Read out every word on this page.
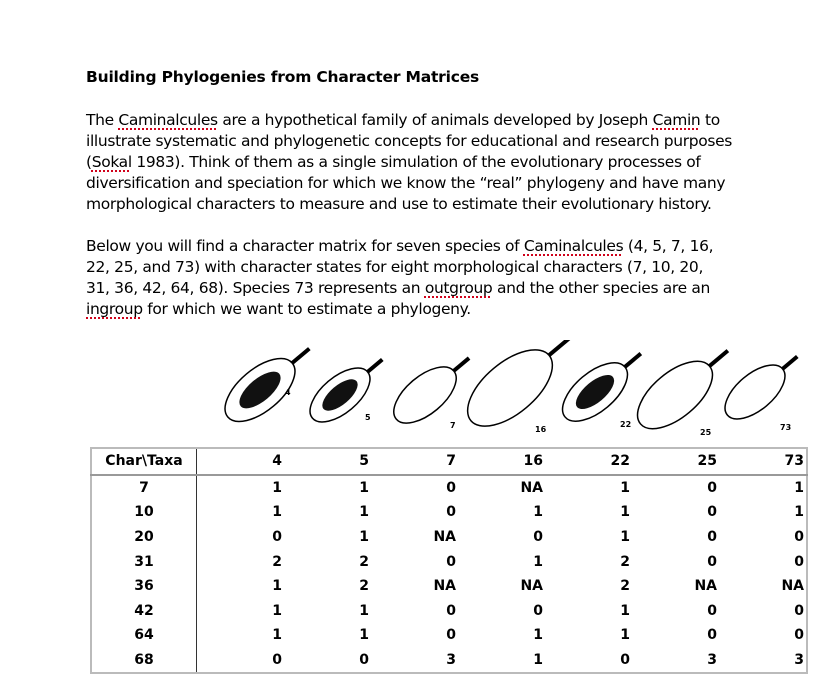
Building Phylogenies from Character Matrices
The Caminalcules are a hypothetical family of animals developed by Joseph Camin to
illustrate systematic and phylogenetic concepts for educational and research purposes
(Sokal 1983). Think of them as a single simulation of the evolutionary processes of
diversification and speciation for which we know the “real” phylogeny and have many
morphological characters to measure and use to estimate their evolutionary history.
Below you will find a character matrix for seven species of Caminalcules (4, 5, 7, 16,
22, 25, and 73) with character states for eight morphological characters (7, 10, 20,
31, 36, 42, 64, 68). Species 73 represents an outgroup and the other species are an
ingroup for which we want to estimate a phylogeny.
4
5
7	16
22
25
73
Char\Taxa	4	5	7	16	22	25	73
7	1	1	0	NA	1	0	1
10	1	1	0	1	1	0	1
20	0	1	NA	0	1	0	0
31	2	2	0	1	2	0	0
36	1	2	NA	NA	2	NA	NA
42	1	1	0	0	1	0	0
64	1	1	0	1	1	0	0
68	0	0	3	1	0	3	3
